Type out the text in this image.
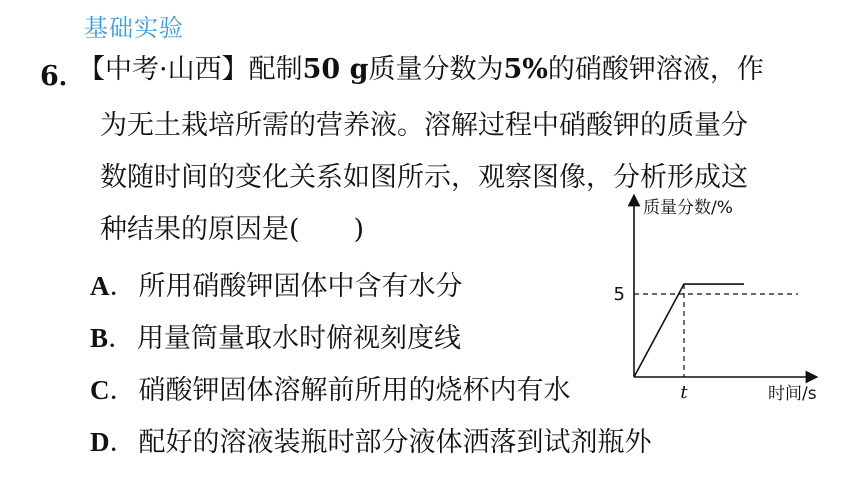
基础实验
6．
【中考·山西】配制50 g质量分数为5%的硝酸钾溶液，作
为无土栽培所需的营养液。溶解过程中硝酸钾的质量分
数随时间的变化关系如图所示，观察图像，分析形成这
种结果的原因是(　　)
A．所用硝酸钾固体中含有水分
B．用量筒量取水时俯视刻度线
C．硝酸钾固体溶解前所用的烧杯内有水
D．配好的溶液装瓶时部分液体洒落到试剂瓶外
质量分数/%
时间/s
5
t
